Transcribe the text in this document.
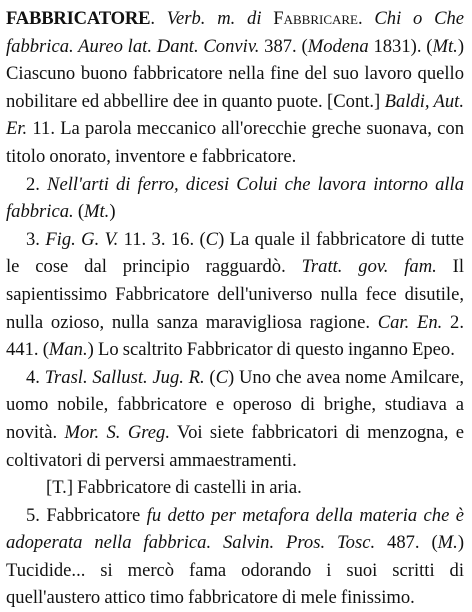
FABBRICATORE. Verb. m. di Fabbricare. Chi o Che fabbrica. Aureo lat. Dant. Conviv. 387. (Modena 1831). (Mt.) Ciascuno buono fabbricatore nella fine del suo lavoro quello nobilitare ed abbellire dee in quanto puote. [Cont.] Baldi, Aut. Er. 11. La parola meccanico all'orecchie greche suonava, con titolo onorato, inventore e fabbricatore.

2. Nell'arti di ferro, dicesi Colui che lavora intorno alla fabbrica. (Mt.)

3. Fig. G. V. 11. 3. 16. (C) La quale il fabbricatore di tutte le cose dal principio ragguardò. Tratt. gov. fam. Il sapientissimo Fabbricatore dell'universo nulla fece disutile, nulla ozioso, nulla sanza maravigliosa ragione. Car. En. 2. 441. (Man.) Lo scaltrito Fabbricator di questo inganno Epeo.

4. Trasl. Sallust. Jug. R. (C) Uno che avea nome Amilcare, uomo nobile, fabbricatore e operoso di brighe, studiava a novità. Mor. S. Greg. Voi siete fabbricatori di menzogna, e coltivatori di perversi ammaestramenti.

[T.] Fabbricatore di castelli in aria.

5. Fabbricatore fu detto per metafora della materia che è adoperata nella fabbrica. Salvin. Pros. Tosc. 487. (M.) Tucidide... si mercò fama odorando i suoi scritti di quell'austero attico timo fabbricatore di mele finissimo.
